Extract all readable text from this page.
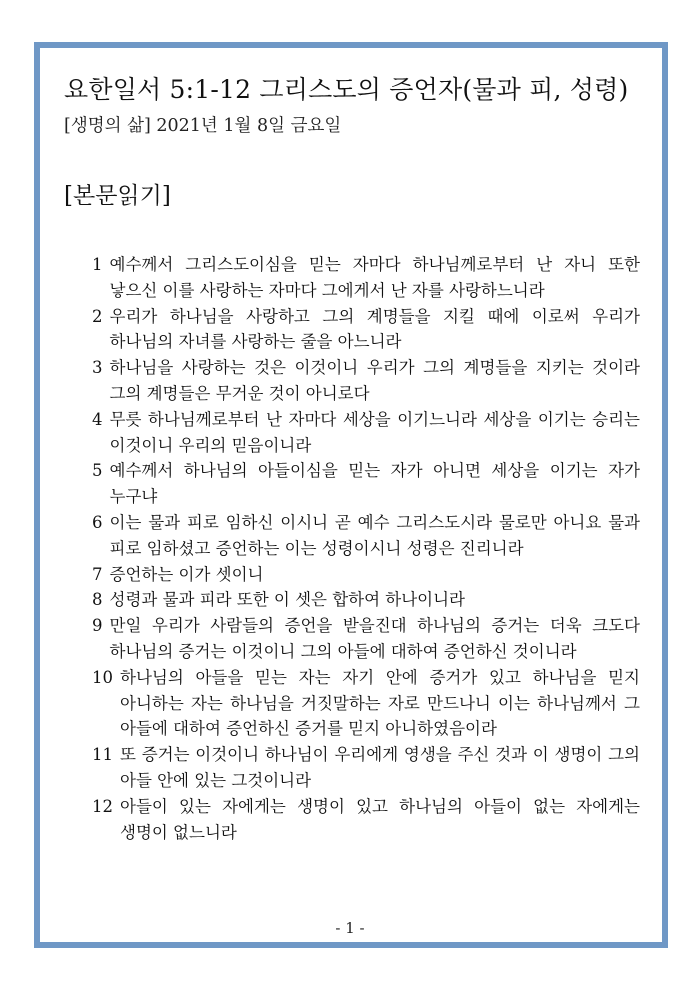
요한일서 5:1-12 그리스도의 증언자(물과 피, 성령)
[생명의 삶] 2021년 1월 8일 금요일
[본문읽기]
1 예수께서 그리스도이심을 믿는 자마다 하나님께로부터 난 자니 또한 낳으신 이를 사랑하는 자마다 그에게서 난 자를 사랑하느니라
2 우리가 하나님을 사랑하고 그의 계명들을 지킬 때에 이로써 우리가 하나님의 자녀를 사랑하는 줄을 아느니라
3 하나님을 사랑하는 것은 이것이니 우리가 그의 계명들을 지키는 것이라 그의 계명들은 무거운 것이 아니로다
4 무릇 하나님께로부터 난 자마다 세상을 이기느니라 세상을 이기는 승리는 이것이니 우리의 믿음이니라
5 예수께서 하나님의 아들이심을 믿는 자가 아니면 세상을 이기는 자가 누구냐
6 이는 물과 피로 임하신 이시니 곧 예수 그리스도시라 물로만 아니요 물과 피로 임하셨고 증언하는 이는 성령이시니 성령은 진리니라
7 증언하는 이가 셋이니
8 성령과 물과 피라 또한 이 셋은 합하여 하나이니라
9 만일 우리가 사람들의 증언을 받을진대 하나님의 증거는 더욱 크도다 하나님의 증거는 이것이니 그의 아들에 대하여 증언하신 것이니라
10 하나님의 아들을 믿는 자는 자기 안에 증거가 있고 하나님을 믿지 아니하는 자는 하나님을 거짓말하는 자로 만드나니 이는 하나님께서 그 아들에 대하여 증언하신 증거를 믿지 아니하였음이라
11 또 증거는 이것이니 하나님이 우리에게 영생을 주신 것과 이 생명이 그의 아들 안에 있는 그것이니라
12 아들이 있는 자에게는 생명이 있고 하나님의 아들이 없는 자에게는 생명이 없느니라
- 1 -
